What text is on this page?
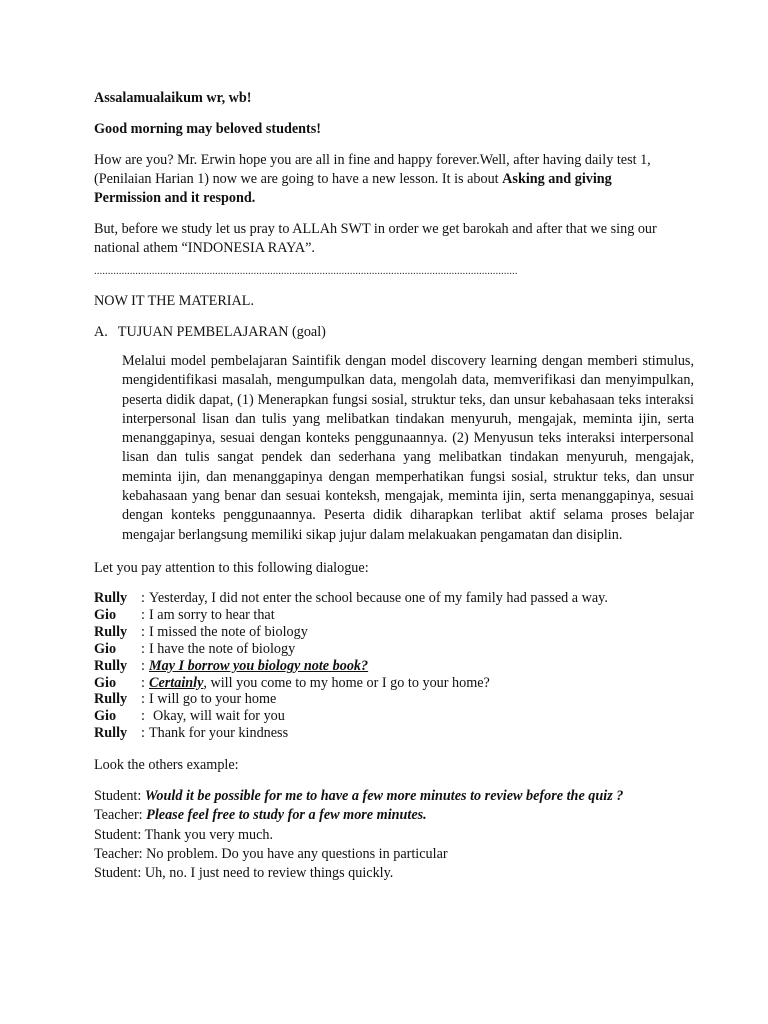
Assalamualaikum wr, wb!

Good morning may beloved students!

How are you? Mr. Erwin hope you are all in fine and happy forever.Well, after having daily test 1, (Penilaian Harian 1) now we are going to have a new lesson. It is about Asking and giving Permission and it respond.

But, before we study let us pray to ALLAh SWT in order we get barokah and after that we sing our national athem “INDONESIA RAYA”.

..........................................................................................................................................................

NOW IT THE MATERIAL.

A. TUJUAN PEMBELAJARAN (goal)

Melalui model pembelajaran Saintifik dengan model discovery learning dengan memberi stimulus, mengidentifikasi masalah, mengumpulkan data, mengolah data, memverifikasi dan menyimpulkan, peserta didik dapat, (1) Menerapkan fungsi sosial, struktur teks, dan unsur kebahasaan teks interaksi interpersonal lisan dan tulis yang melibatkan tindakan menyuruh, mengajak, meminta ijin, serta menanggapinya, sesuai dengan konteks penggunaannya. (2) Menyusun teks interaksi interpersonal lisan dan tulis sangat pendek dan sederhana yang melibatkan tindakan menyuruh, mengajak, meminta ijin, dan menanggapinya dengan memperhatikan fungsi sosial, struktur teks, dan unsur kebahasaan yang benar dan sesuai konteksh, mengajak, meminta ijin, serta menanggapinya, sesuai dengan konteks penggunaannya. Peserta didik diharapkan terlibat aktif selama proses belajar mengajar berlangsung memiliki sikap jujur dalam melakuakan pengamatan dan disiplin.

Let you pay attention to this following dialogue:

Rully : Yesterday, I did not enter the school because one of my family had passed a way.
Gio	: I am sorry to hear that
Rully : I missed the note of biology
Gio	: I have the note of biology
Rully : May I borrow you biology note book?
Gio	: Certainly , will you come to my home or I go to your home?
Rully : I will go to your home
Gio	: Okay, will wait for you
Rully : Thank for your kindness

Look the others example:

Student: Would it be possible for me to have a few more minutes to review before the quiz ?
Teacher: Please feel free to study for a few more minutes.
Student: Thank you very much.
Teacher: No problem. Do you have any questions in particular
Student: Uh, no. I just need to review things quickly.
